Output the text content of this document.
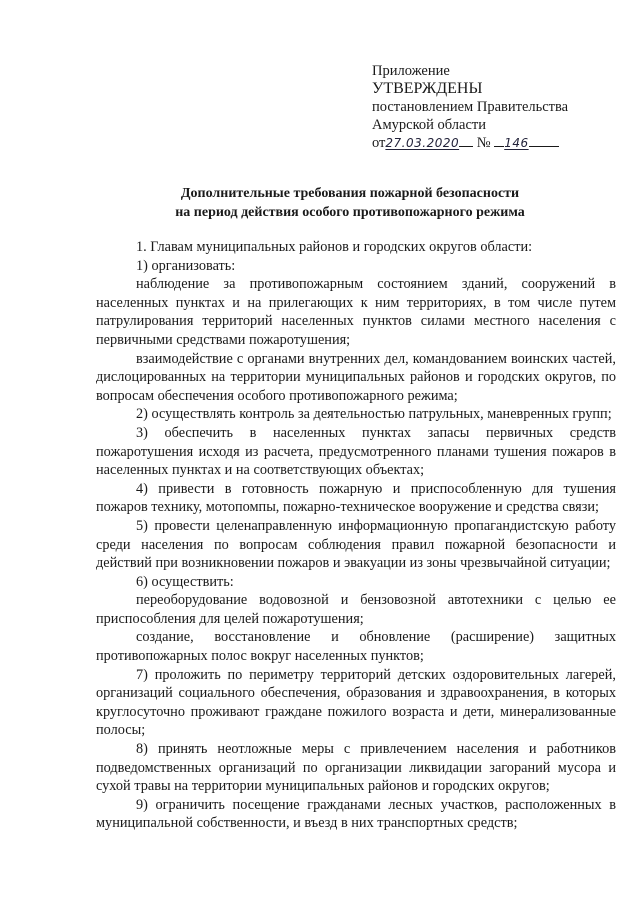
Приложение
УТВЕРЖДЕНЫ
постановлением Правительства
Амурской области
от27.03.2020 № 146
Дополнительные требования пожарной безопасности
на период действия особого противопожарного режима

1. Главам муниципальных районов и городских округов области:

1) организовать:

наблюдение за противопожарным состоянием зданий, сооружений в населенных пунктах и на прилегающих к ним территориях, в том числе путем патрулирования территорий населенных пунктов силами местного населения с первичными средствами пожаротушения;

взаимодействие с органами внутренних дел, командованием воинских частей, дислоцированных на территории муниципальных районов и городских округов, по вопросам обеспечения особого противопожарного режима;

2) осуществлять контроль за деятельностью патрульных, маневренных групп;

3) обеспечить в населенных пунктах запасы первичных средств пожаротушения исходя из расчета, предусмотренного планами тушения пожаров в населенных пунктах и на соответствующих объектах;

4) привести в готовность пожарную и приспособленную для тушения пожаров технику, мотопомпы, пожарно-техническое вооружение и средства связи;

5) провести целенаправленную информационную пропагандистскую работу среди населения по вопросам соблюдения правил пожарной безопасности и действий при возникновении пожаров и эвакуации из зоны чрезвычайной ситуации;

6) осуществить:

переоборудование водовозной и бензовозной автотехники с целью ее приспособления для целей пожаротушения;

создание, восстановление и обновление (расширение) защитных противопожарных полос вокруг населенных пунктов;

7) проложить по периметру территорий детских оздоровительных лагерей, организаций социального обеспечения, образования и здравоохранения, в которых круглосуточно проживают граждане пожилого возраста и дети, минерализованные полосы;

8) принять неотложные меры с привлечением населения и работников подведомственных организаций по организации ликвидации загораний мусора и сухой травы на территории муниципальных районов и городских округов;

9) ограничить посещение гражданами лесных участков, расположенных в муниципальной собственности, и въезд в них транспортных средств;
